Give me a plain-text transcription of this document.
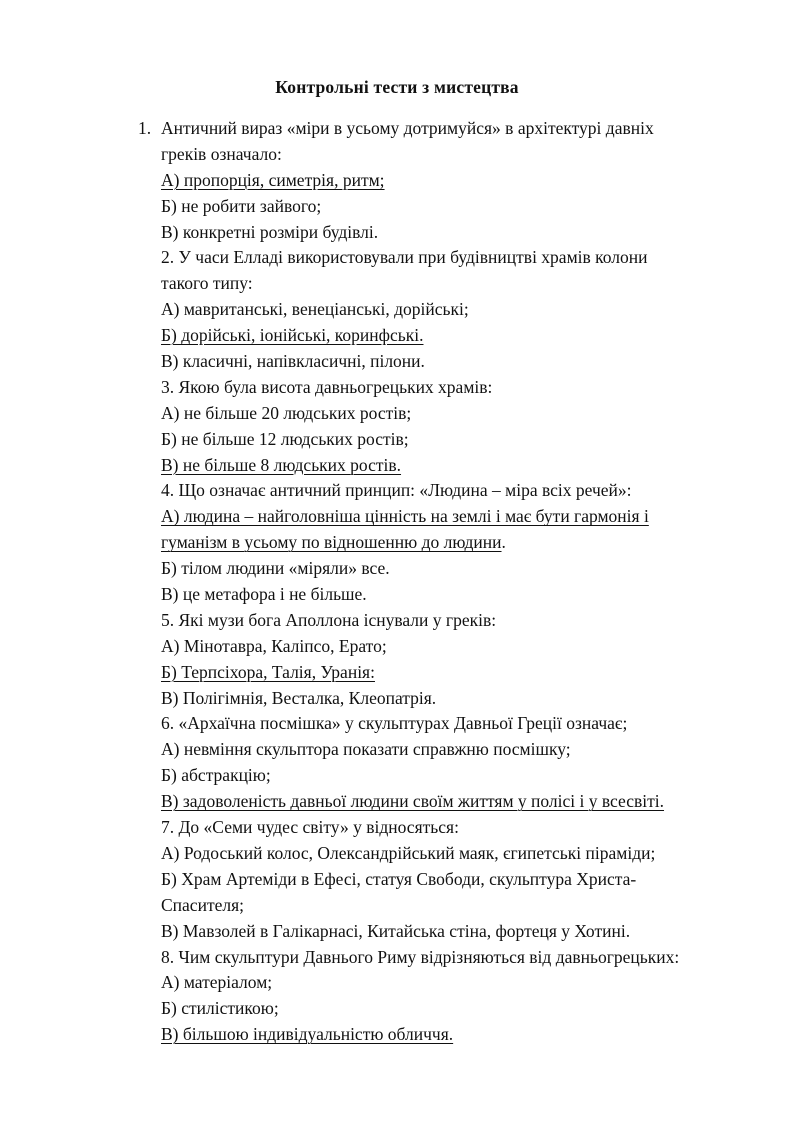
Контрольні тести з мистецтва
1. Античний вираз «міри в усьому дотримуйся» в архітектурі давніх
греків означало:
А) пропорція, симетрія, ритм;
Б) не робити зайвого;
В) конкретні розміри будівлі.
2. У часи Елладі використовували при будівництві храмів колони
такого типу:
А) мавританські, венеціанські, дорійські;
Б) дорійські, іонійські, коринфські.
В) класичні, напівкласичні, пілони.
3. Якою була висота давньогрецьких храмів:
А) не більше 20 людських ростів;
Б) не більше 12 людських ростів;
В) не більше 8 людських ростів.
4. Що означає античний принцип: «Людина – міра всіх речей»:
А) людина – найголовніша цінність на землі і має бути гармонія і
гуманізм в усьому по відношенню до людини.
Б) тілом людини «міряли» все.
В) це метафора і не більше.
5. Які музи бога Аполлона існували у греків:
А) Мінотавра, Каліпсо, Ерато;
Б) Терпсіхора, Талія, Уранія:
В) Полігімнія, Весталка, Клеопатрія.
6. «Архаїчна посмішка» у скульптурах Давньої Греції означає;
А) невміння скульптора показати справжню посмішку;
Б) абстракцію;
В) задоволеність давньої людини своїм життям у полісі і у всесвіті.
7. До «Семи чудес світу» у відносяться:
А) Родоський колос, Олександрійський маяк, єгипетські піраміди;
Б) Храм Артеміди в Ефесі, статуя Свободи, скульптура Христа-
Спасителя;
В) Мавзолей в Галікарнасі, Китайська стіна, фортеця у Хотині.
8. Чим скульптури Давнього Риму відрізняються від давньогрецьких:
А) матеріалом;
Б) стилістикою;
В) більшою індивідуальністю обличчя.
